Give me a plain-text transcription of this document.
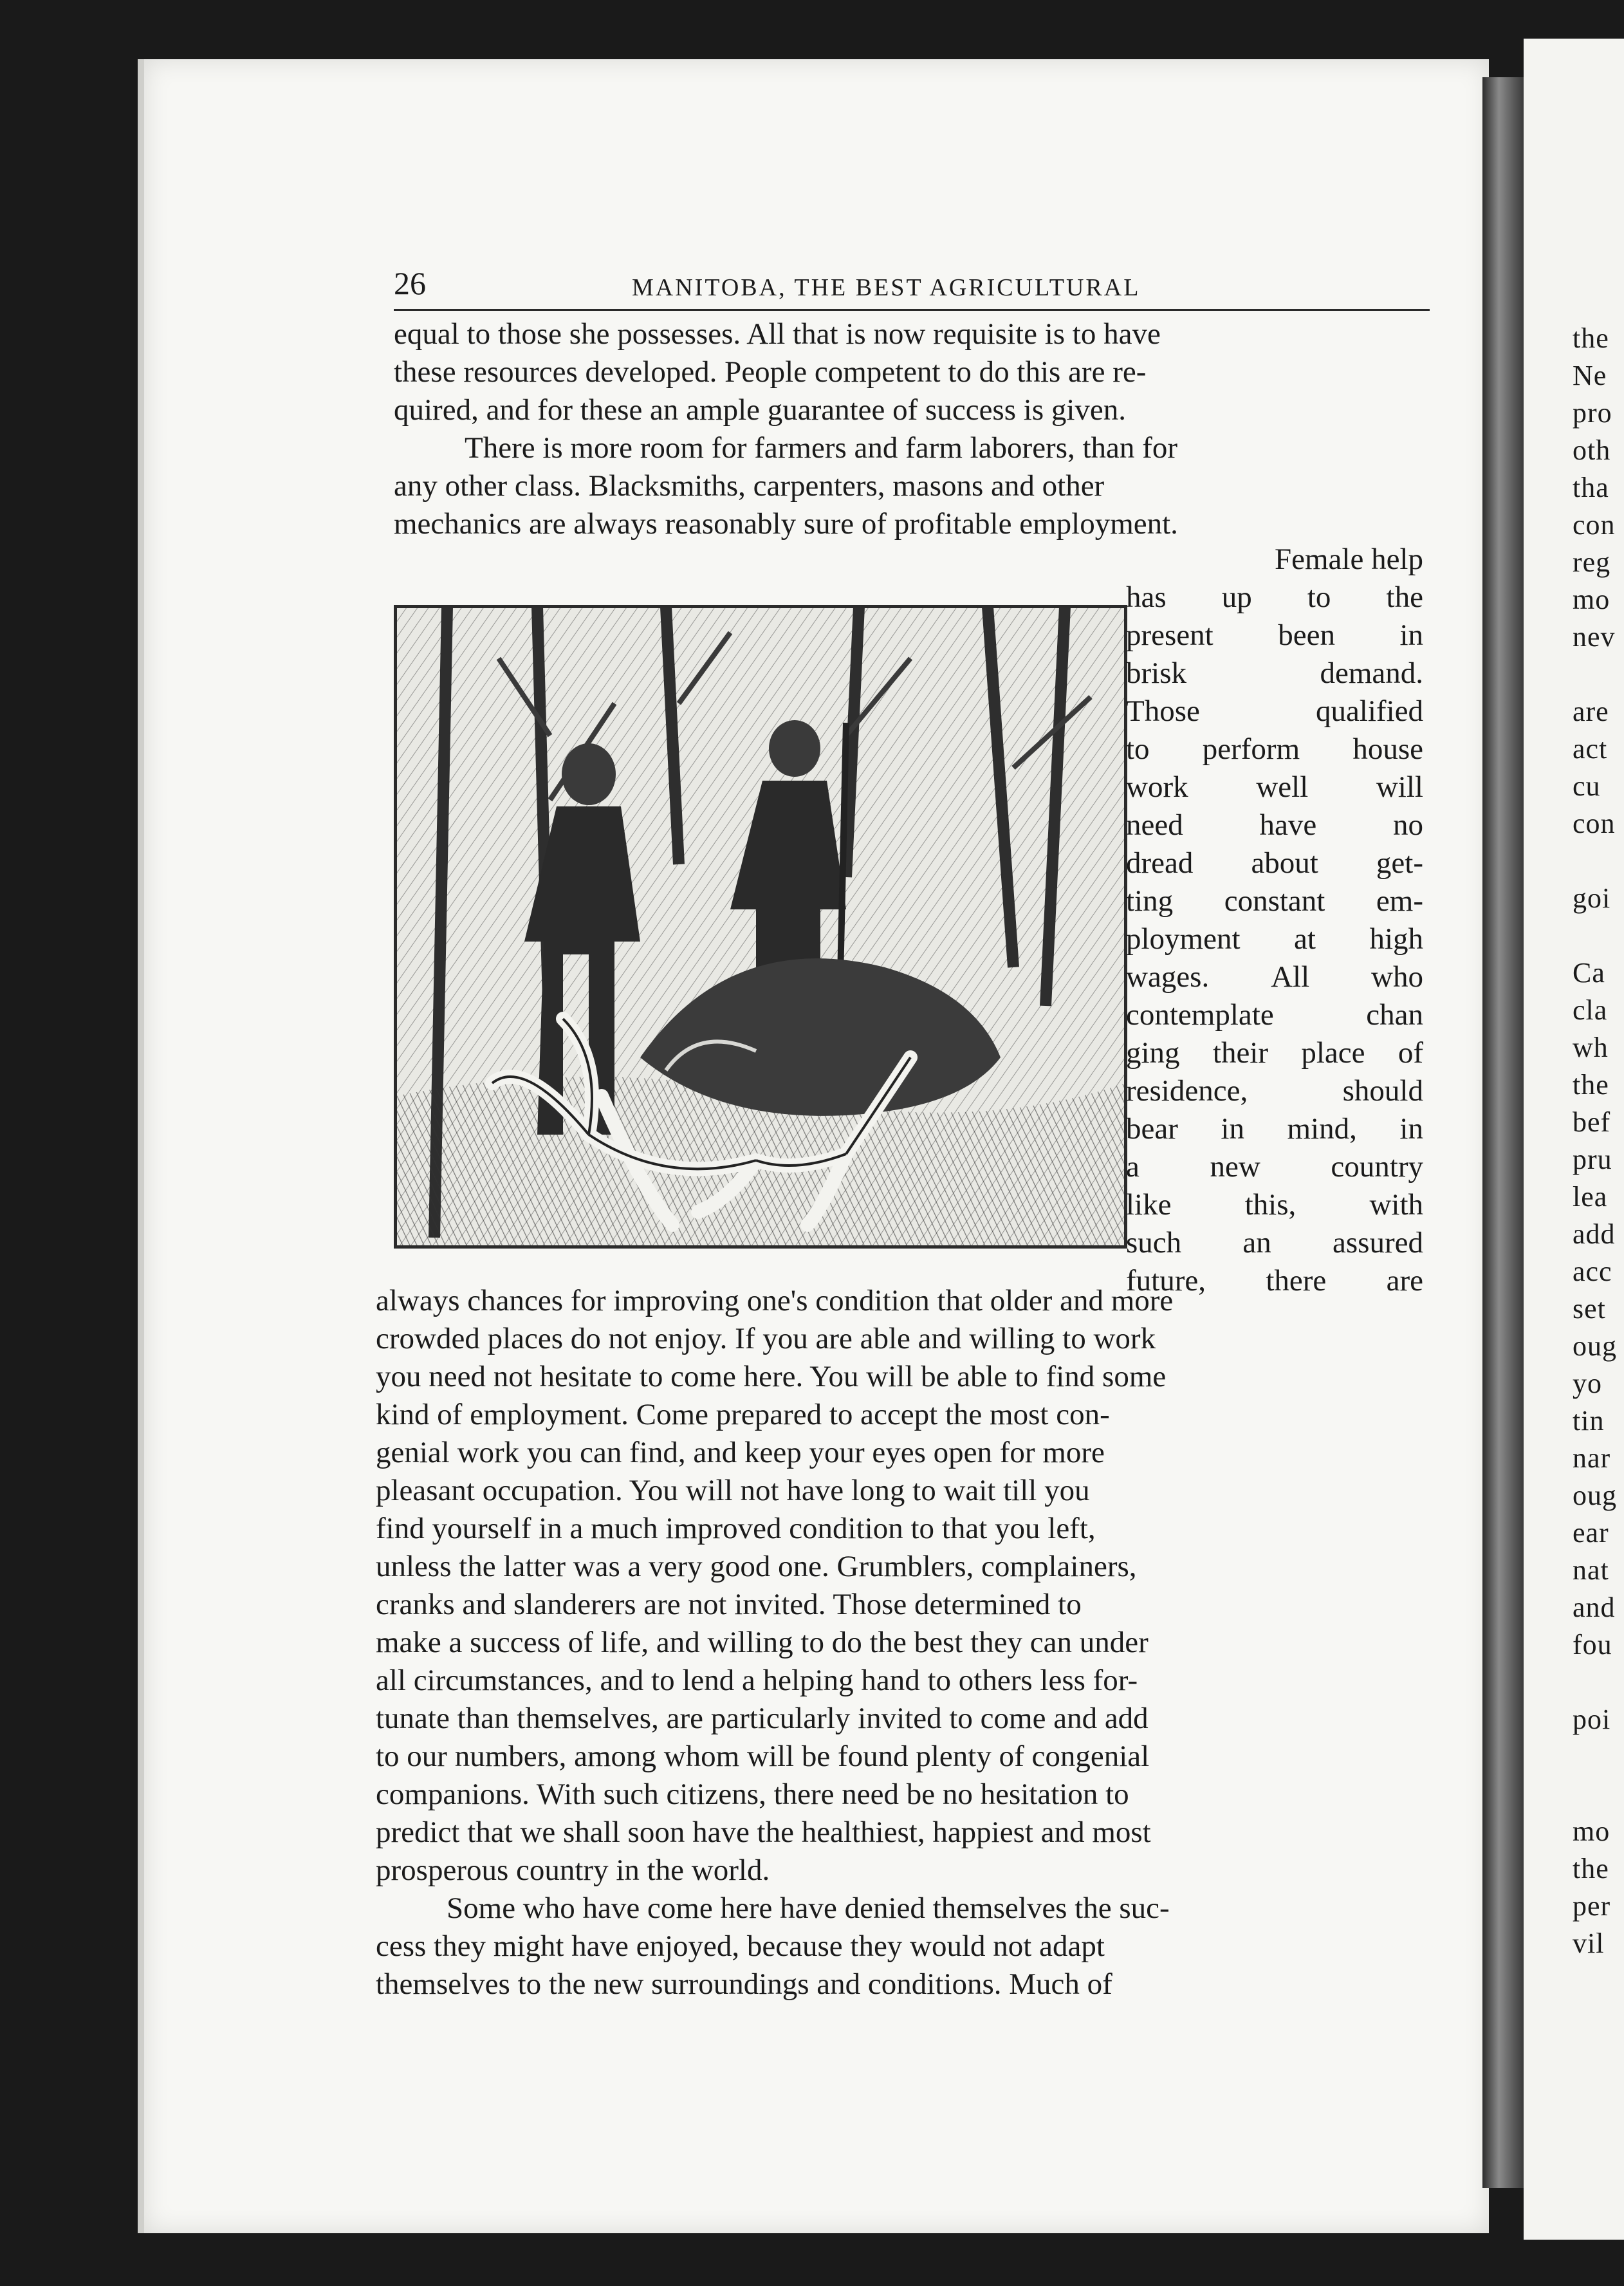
the
Ne
pro
oth
tha
con
reg
mo
nev
are
act
cu
con
goi
Ca
cla
wh
the
bef
pru
lea
add
acc
set
oug
yo
tin
nar
oug
ear
nat
and
fou
poi
mo
the
per
vil
26	MANITOBA, THE BEST AGRICULTURAL

equal to those she possesses. All that is now requisite is to have

these resources developed. People competent to do this are re-

quired, and for these an ample guarantee of success is given.

There is more room for farmers and farm laborers, than for

any other class. Blacksmiths, carpenters, masons and other

mechanics are always reasonably sure of profitable employment.

Female help
has up to the
present been in
brisk	demand.
Those	qualified
to perform house
work well will
need	have	no
dread about get-
ting constant em-
ployment at high
wages. All who
contemplate	chan
ging their place of
residence,	should
bear in mind, in
a new country
like this, with
such an assured
future, there are

always chances for improving one's condition that older and more

crowded places do not enjoy. If you are able and willing to work

you need not hesitate to come here. You will be able to find some

kind of employment. Come prepared to accept the most con-

genial work you can find, and keep your eyes open for more

pleasant occupation. You will not have long to wait till you

find yourself in a much improved condition to that you left,

unless the latter was a very good one. Grumblers, complainers,

cranks and slanderers are not invited. Those determined to

make a success of life, and willing to do the best they can under

all circumstances, and to lend a helping hand to others less for-

tunate than themselves, are particularly invited to come and add

to our numbers, among whom will be found plenty of congenial

companions. With such citizens, there need be no hesitation to

predict that we shall soon have the healthiest, happiest and most

prosperous country in the world.

Some who have come here have denied themselves the suc-

cess they might have enjoyed, because they would not adapt

themselves to the new surroundings and conditions. Much of
